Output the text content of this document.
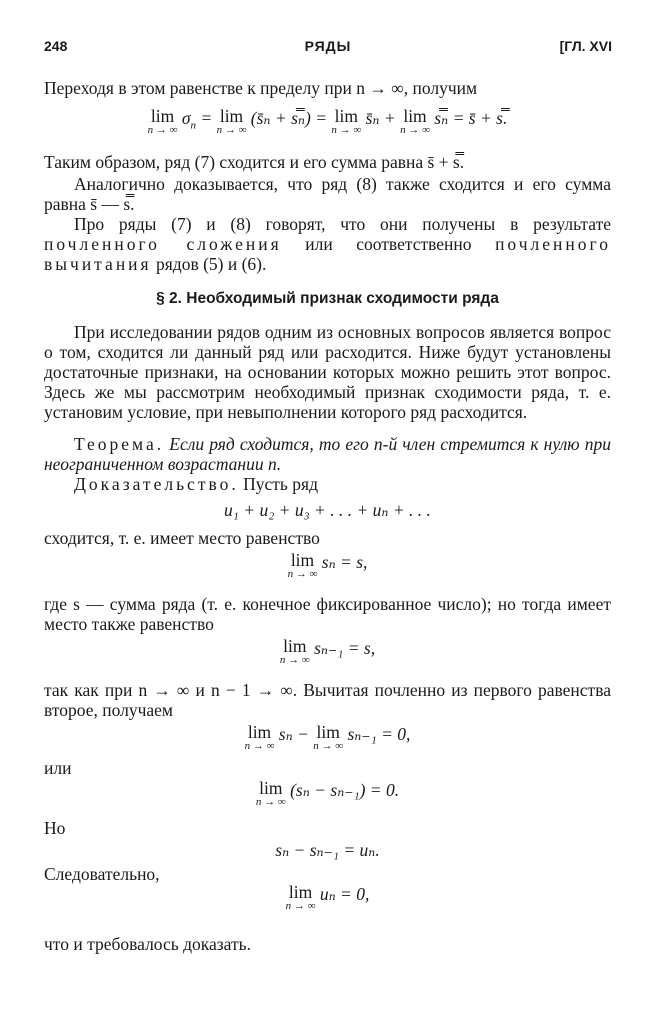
248	РЯДЫ	[ГЛ. XVI
Переходя в этом равенстве к пределу при n → ∞, получим
lim
n → ∞
$\sigma_n = \lim$
n → ∞
(s̄ₙ + s̿ₙ) = lim
n → ∞
s̄ₙ + lim
n → ∞
s̿ₙ = s̄ + s̿.
Таким образом, ряд (7) сходится и его сумма равна s̄ + s̿.
Аналогично доказывается, что ряд (8) также сходится и его сумма равна s̄ — s̿.
Про ряды (7) и (8) говорят, что они получены в результате почленного сложения или соответственно почленного вычитания рядов (5) и (6).
§ 2. Необходимый признак сходимости ряда
При исследовании рядов одним из основных вопросов является вопрос о том, сходится ли данный ряд или расходится. Ниже будут установлены достаточные признаки, на основании которых можно решить этот вопрос. Здесь же мы рассмотрим необходимый признак сходимости ряда, т. е. установим условие, при невыполнении которого ряд расходится.
Теорема. Если ряд сходится, то его n-й член стремится к нулю при неограниченном возрастании n.
Доказательство. Пусть ряд
u₁ + u₂ + u₃ + . . . + uₙ + . . .
сходится, т. е. имеет место равенство
lim
n → ∞
sₙ = s,
где s — сумма ряда (т. е. конечное фиксированное число); но тогда имеет место также равенство
lim
n → ∞
sₙ₋₁ = s,
так как при n → ∞ и n − 1 → ∞. Вычитая почленно из первого равенства второе, получаем
lim
n → ∞
sₙ − lim
n → ∞
sₙ₋₁ = 0,
или
lim
n → ∞
(sₙ − sₙ₋₁) = 0.
Но
sₙ − sₙ₋₁ = uₙ.
Следовательно,
lim
n → ∞
uₙ = 0,
что и требовалось доказать.
